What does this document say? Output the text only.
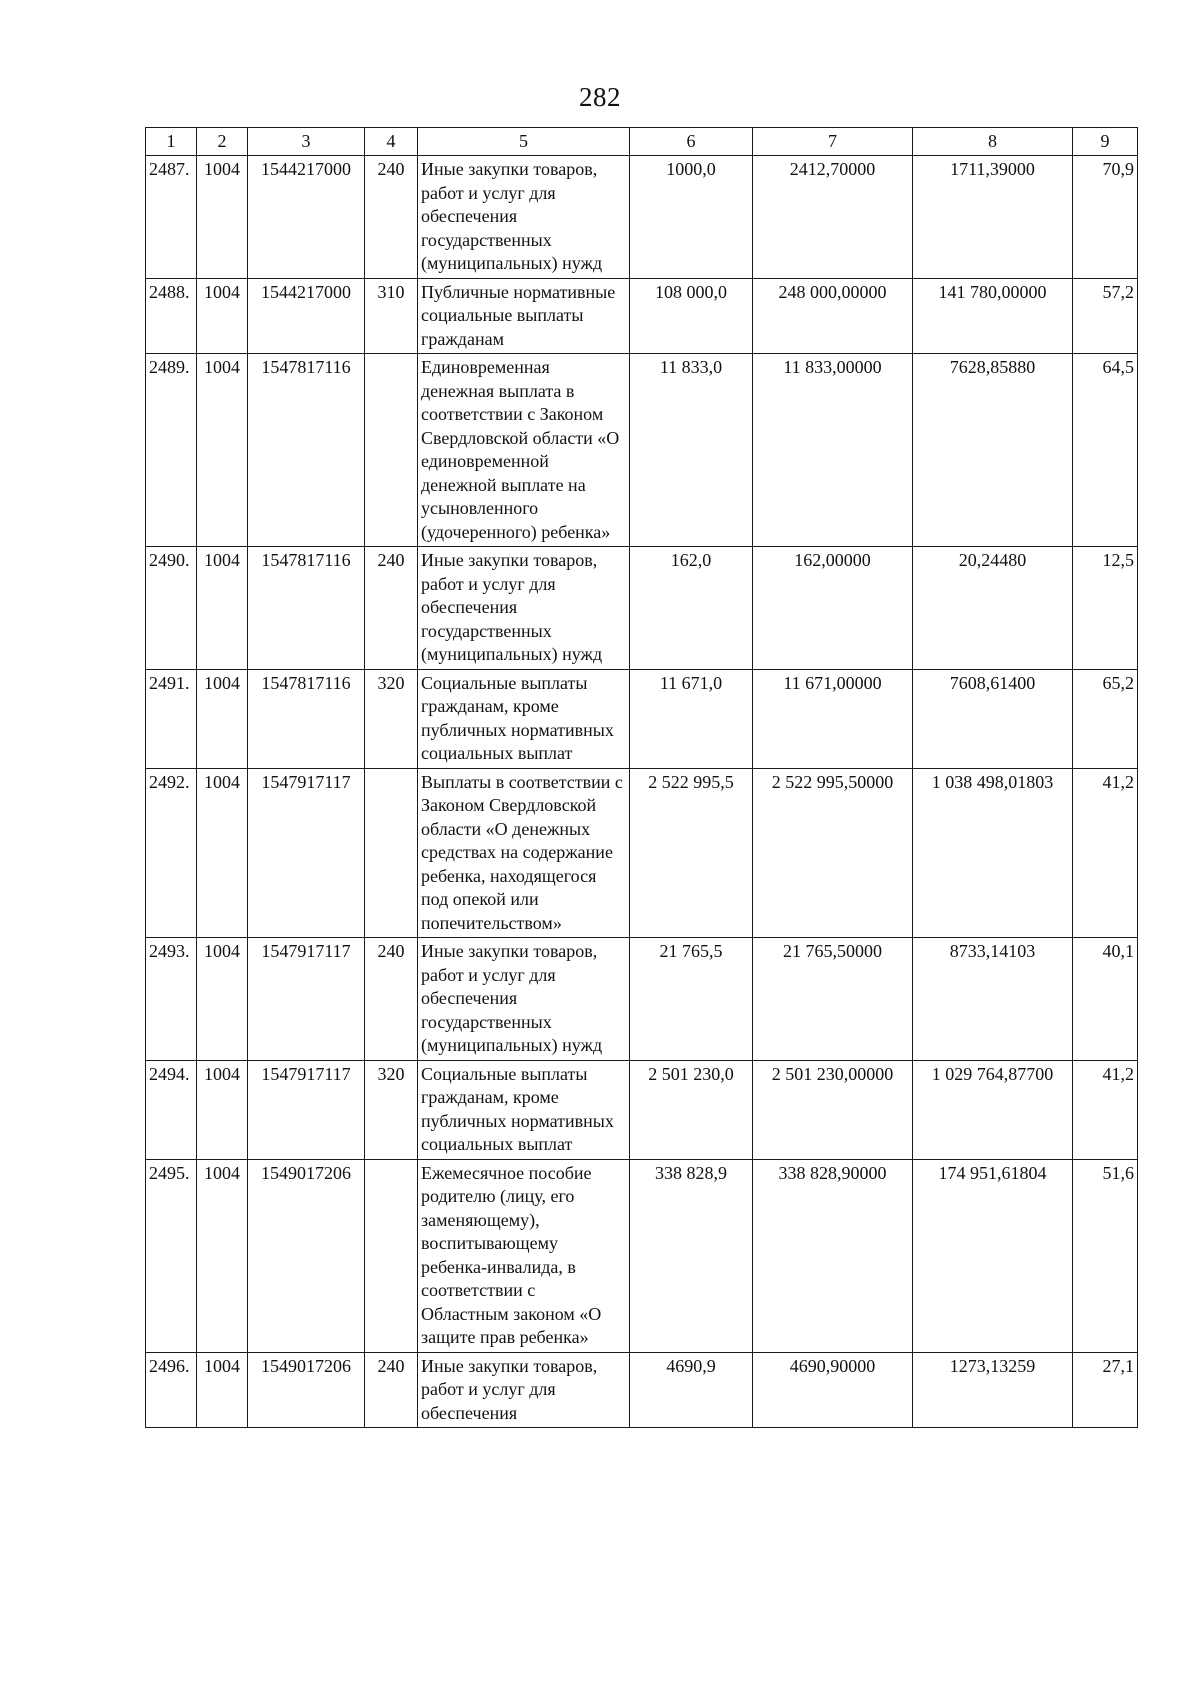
282
1	2	3	4	5	6	7	8	9
2487.	1004	1544217000	240	Иные закупки товаров, работ и услуг для обеспечения государственных (муниципальных) нужд	1000,0	2412,70000	1711,39000	70,9
2488.	1004	1544217000	310	Публичные нормативные социальные выплаты гражданам	108 000,0	248 000,00000	141 780,00000	57,2
2489.	1004	1547817116		Единовременная денежная выплата в соответствии с Законом Свердловской области «О единовременной денежной выплате на усыновленного (удочеренного) ребенка»	11 833,0	11 833,00000	7628,85880	64,5
2490.	1004	1547817116	240	Иные закупки товаров, работ и услуг для обеспечения государственных (муниципальных) нужд	162,0	162,00000	20,24480	12,5
2491.	1004	1547817116	320	Социальные выплаты гражданам, кроме публичных нормативных социальных выплат	11 671,0	11 671,00000	7608,61400	65,2
2492.	1004	1547917117		Выплаты в соответствии с Законом Свердловской области «О денежных средствах на содержание ребенка, находящегося под опекой или попечительством»	2 522 995,5	2 522 995,50000	1 038 498,01803	41,2
2493.	1004	1547917117	240	Иные закупки товаров, работ и услуг для обеспечения государственных (муниципальных) нужд	21 765,5	21 765,50000	8733,14103	40,1
2494.	1004	1547917117	320	Социальные выплаты гражданам, кроме публичных нормативных социальных выплат	2 501 230,0	2 501 230,00000	1 029 764,87700	41,2
2495.	1004	1549017206		Ежемесячное пособие родителю (лицу, его заменяющему), воспитывающему ребенка-инвалида, в соответствии с Областным законом «О защите прав ребенка»	338 828,9	338 828,90000	174 951,61804	51,6
2496.	1004	1549017206	240	Иные закупки товаров, работ и услуг для обеспечения	4690,9	4690,90000	1273,13259	27,1
